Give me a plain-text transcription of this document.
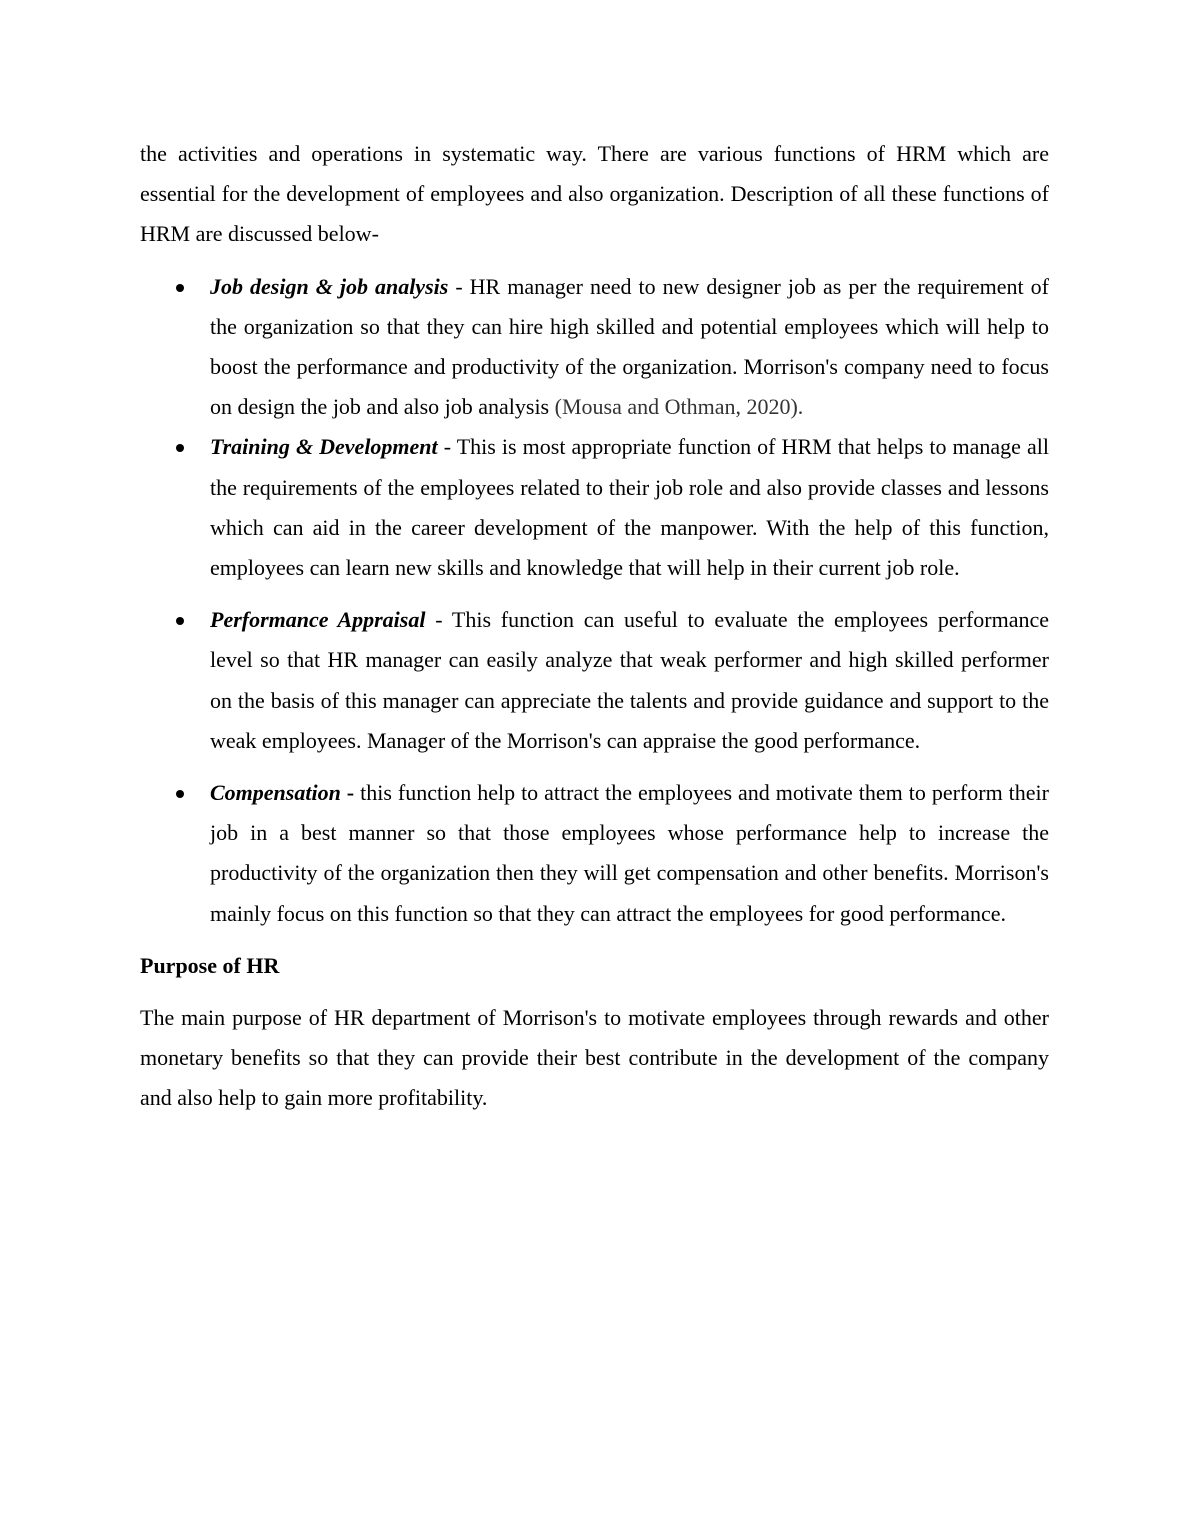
the activities and operations in systematic way. There are various functions of HRM which are essential for the development of employees and also organization. Description of all these functions of HRM are discussed below-

Job design & job analysis - HR manager need to new designer job as per the requirement of the organization so that they can hire high skilled and potential employees which will help to boost the performance and productivity of the organization. Morrison's company need to focus on design the job and also job analysis (Mousa and Othman, 2020).
Training & Development - This is most appropriate function of HRM that helps to manage all the requirements of the employees related to their job role and also provide classes and lessons which can aid in the career development of the manpower. With the help of this function, employees can learn new skills and knowledge that will help in their current job role.
Performance Appraisal - This function can useful to evaluate the employees performance level so that HR manager can easily analyze that weak performer and high skilled performer on the basis of this manager can appreciate the talents and provide guidance and support to the weak employees. Manager of the Morrison's can appraise the good performance.
Compensation - this function help to attract the employees and motivate them to perform their job in a best manner so that those employees whose performance help to increase the productivity of the organization then they will get compensation and other benefits. Morrison's mainly focus on this function so that they can attract the employees for good performance.
Purpose of HR

The main purpose of HR department of Morrison's to motivate employees through rewards and other monetary benefits so that they can provide their best contribute in the development of the company and also help to gain more profitability.
